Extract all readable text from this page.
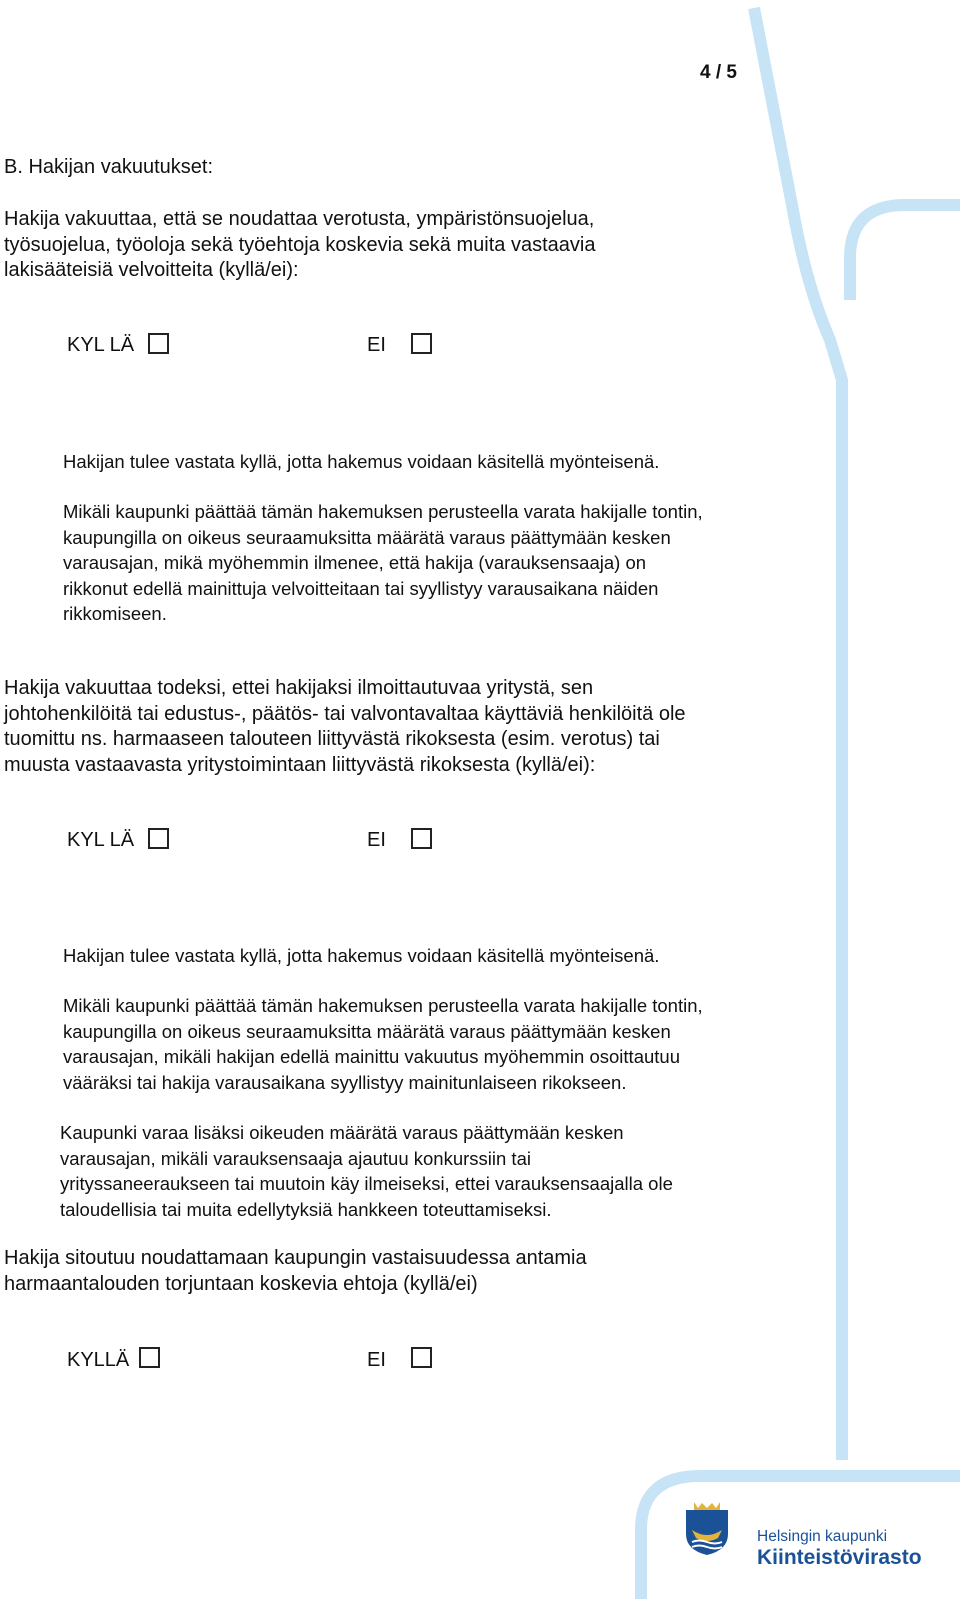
4 / 5
B. Hakijan vakuutukset:
Hakija vakuuttaa, että se noudattaa verotusta, ympäristönsuojelua,
työsuojelua, työoloja sekä työehtoja koskevia sekä muita vastaavia
lakisääteisiä velvoitteita (kyllä/ei):
KYL LÄ	EI
Hakijan tulee vastata kyllä, jotta hakemus voidaan käsitellä myönteisenä.
Mikäli kaupunki päättää tämän hakemuksen perusteella varata hakijalle tontin,
kaupungilla on oikeus seuraamuksitta määrätä varaus päättymään kesken
varausajan, mikä myöhemmin ilmenee, että hakija (varauksensaaja) on
rikkonut edellä mainittuja velvoitteitaan tai syyllistyy varausaikana näiden
rikkomiseen.
Hakija vakuuttaa todeksi, ettei hakijaksi ilmoittautuvaa yritystä, sen
johtohenkilöitä tai edustus-, päätös- tai valvontavaltaa käyttäviä henkilöitä ole
tuomittu ns. harmaaseen talouteen liittyvästä rikoksesta (esim. verotus) tai
muusta vastaavasta yritystoimintaan liittyvästä rikoksesta (kyllä/ei):
KYL LÄ	EI
Hakijan tulee vastata kyllä, jotta hakemus voidaan käsitellä myönteisenä.
Mikäli kaupunki päättää tämän hakemuksen perusteella varata hakijalle tontin,
kaupungilla on oikeus seuraamuksitta määrätä varaus päättymään kesken
varausajan, mikäli hakijan edellä mainittu vakuutus myöhemmin osoittautuu
vääräksi tai hakija varausaikana syyllistyy mainitunlaiseen rikokseen.
Kaupunki varaa lisäksi oikeuden määrätä varaus päättymään kesken
varausajan, mikäli varauksensaaja ajautuu konkurssiin tai
yrityssaneeraukseen tai muutoin käy ilmeiseksi, ettei varauksensaajalla ole
taloudellisia tai muita edellytyksiä hankkeen toteuttamiseksi.
Hakija sitoutuu noudattamaan kaupungin vastaisuudessa antamia
harmaantalouden torjuntaan koskevia ehtoja (kyllä/ei)
KYLLÄ	EI
Helsingin kaupunki
Kiinteistövirasto
